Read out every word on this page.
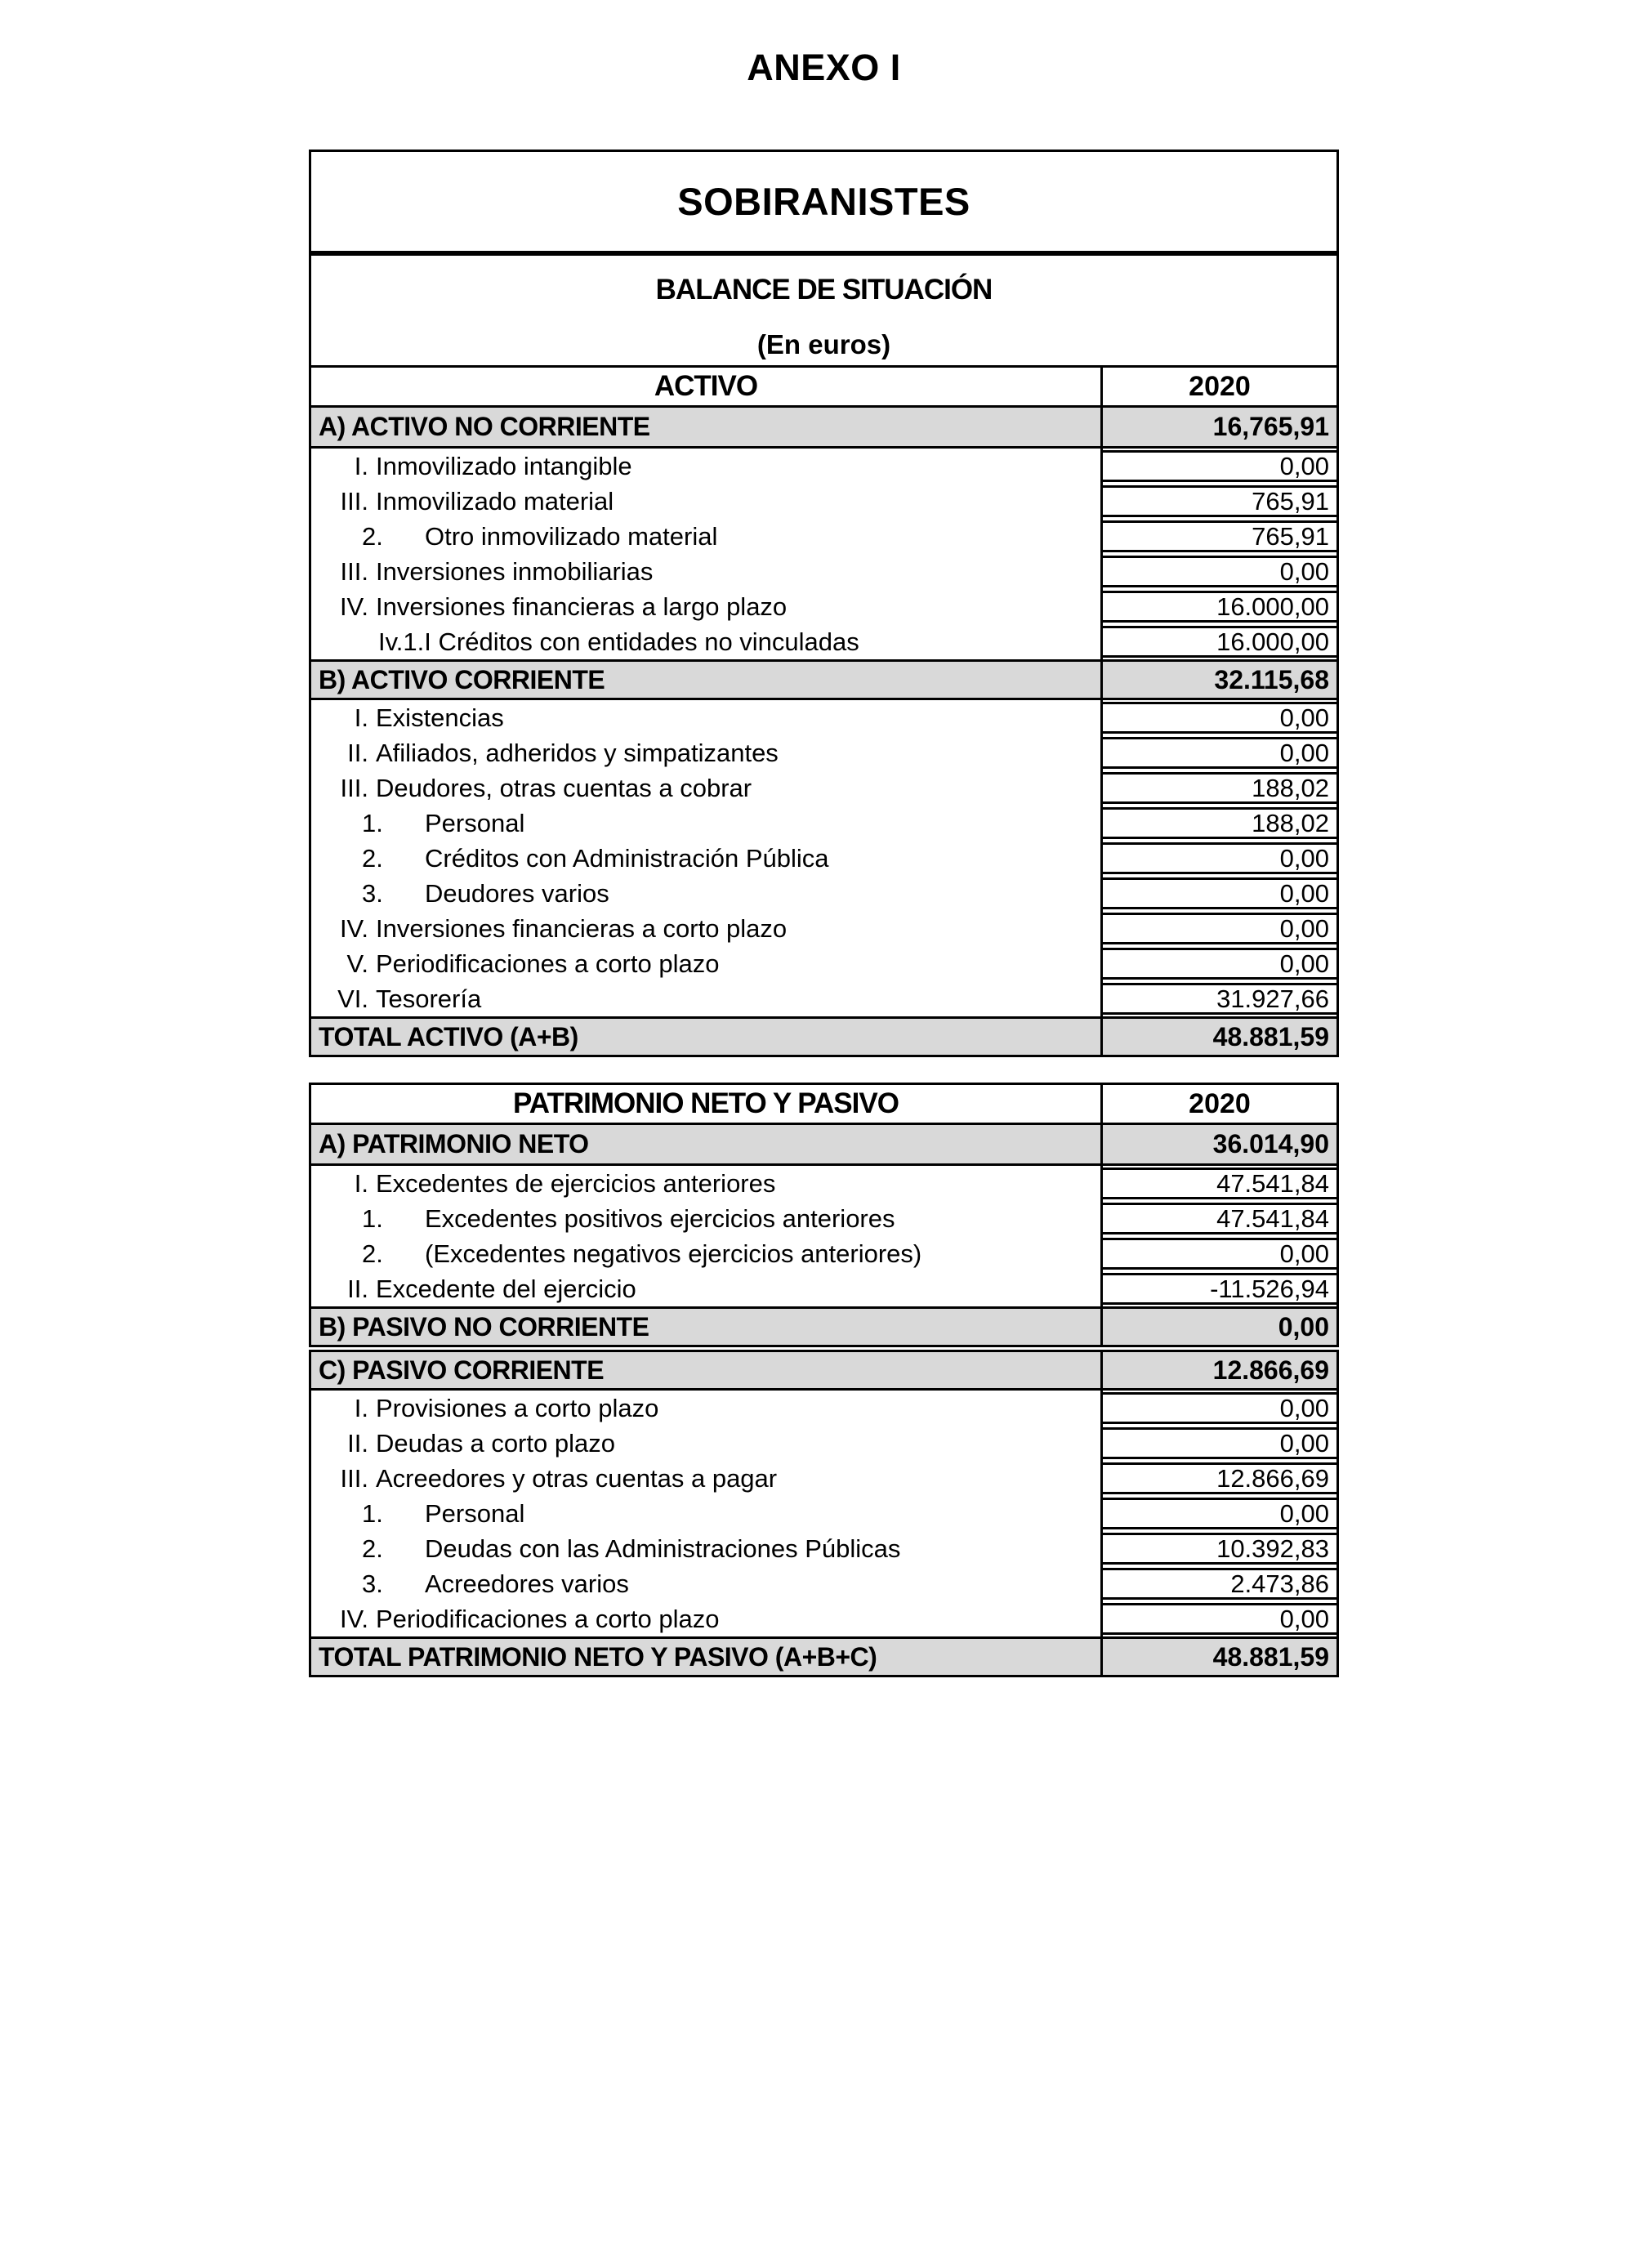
ANEXO I
SOBIRANISTES
BALANCE DE SITUACIÓN
(En euros)
ACTIVO	2020
A) ACTIVO NO CORRIENTE	16,765,91
I. Inmovilizado intangible	0,00
III. Inmovilizado material	765,91
2.	Otro inmovilizado material	765,91
III. Inversiones inmobiliarias	0,00
IV. Inversiones financieras a largo plazo	16.000,00
Iv.1.I Créditos con entidades no vinculadas	16.000,00
B) ACTIVO CORRIENTE	32.115,68
I. Existencias	0,00
II. Afiliados, adheridos y simpatizantes	0,00
III. Deudores, otras cuentas a cobrar	188,02
1.	Personal	188,02
2.	Créditos con Administración Pública	0,00
3.	Deudores varios	0,00
IV. Inversiones financieras a corto plazo	0,00
V. Periodificaciones a corto plazo	0,00
VI. Tesorería	31.927,66
TOTAL ACTIVO (A+B)	48.881,59
PATRIMONIO NETO Y PASIVO	2020
A) PATRIMONIO NETO	36.014,90
I. Excedentes de ejercicios anteriores	47.541,84
1.	Excedentes positivos ejercicios anteriores	47.541,84
2.	(Excedentes negativos ejercicios anteriores)	0,00
II. Excedente del ejercicio	-11.526,94
B) PASIVO NO CORRIENTE	0,00
C) PASIVO CORRIENTE	12.866,69
I. Provisiones a corto plazo	0,00
II. Deudas a corto plazo	0,00
III. Acreedores y otras cuentas a pagar	12.866,69
1.	Personal	0,00
2.	Deudas con las Administraciones Públicas	10.392,83
3.	Acreedores varios	2.473,86
IV. Periodificaciones a corto plazo	0,00
TOTAL PATRIMONIO NETO Y PASIVO (A+B+C)	48.881,59
